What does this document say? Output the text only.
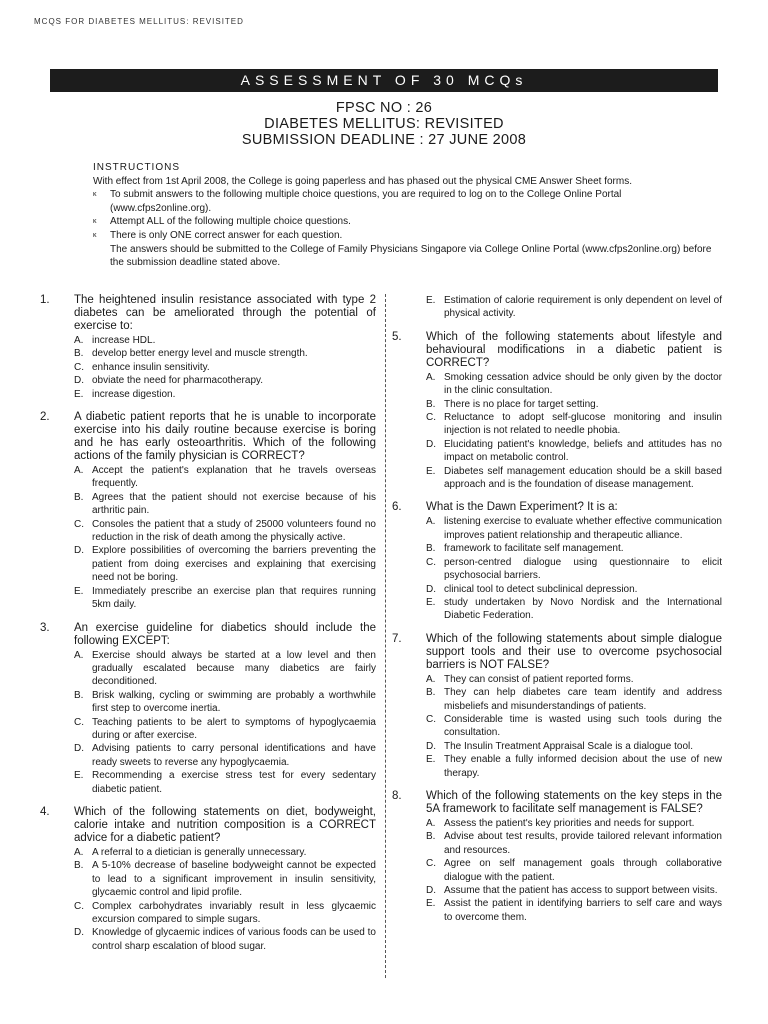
MCQS FOR DIABETES MELLITUS: REVISITED
ASSESSMENT OF 30 MCQs
FPSC NO : 26
DIABETES MELLITUS: REVISITED
SUBMISSION DEADLINE : 27 JUNE 2008
INSTRUCTIONS
With effect from 1st April 2008, the College is going paperless and has phased out the physical CME Answer Sheet forms.
κ To submit answers to the following multiple choice questions, you are required to log on to the College Online Portal (www.cfps2online.org).
κ Attempt ALL of the following multiple choice questions.
κ There is only ONE correct answer for each question.
The answers should be submitted to the College of Family Physicians Singapore via College Online Portal (www.cfps2online.org) before the submission deadline stated above.
1. The heightened insulin resistance associated with type 2 diabetes can be ameliorated through the potential of exercise to:
A. increase HDL.
B. develop better energy level and muscle strength.
C. enhance insulin sensitivity.
D. obviate the need for pharmacotherapy.
E. increase digestion.
2. A diabetic patient reports that he is unable to incorporate exercise into his daily routine because exercise is boring and he has early osteoarthritis. Which of the following actions of the family physician is CORRECT?
A. Accept the patient's explanation that he travels overseas frequently.
B. Agrees that the patient should not exercise because of his arthritic pain.
C. Consoles the patient that a study of 25000 volunteers found no reduction in the risk of death among the physically active.
D. Explore possibilities of overcoming the barriers preventing the patient from doing exercises and explaining that exercising need not be boring.
E. Immediately prescribe an exercise plan that requires running 5km daily.
3. An exercise guideline for diabetics should include the following EXCEPT:
A. Exercise should always be started at a low level and then gradually escalated because many diabetics are fairly deconditioned.
B. Brisk walking, cycling or swimming are probably a worthwhile first step to overcome inertia.
C. Teaching patients to be alert to symptoms of hypoglycaemia during or after exercise.
D. Advising patients to carry personal identifications and have ready sweets to reverse any hypoglycaemia.
E. Recommending a exercise stress test for every sedentary diabetic patient.
4. Which of the following statements on diet, bodyweight, calorie intake and nutrition composition is a CORRECT advice for a diabetic patient?
A. A referral to a dietician is generally unnecessary.
B. A 5-10% decrease of baseline bodyweight cannot be expected to lead to a significant improvement in insulin sensitivity, glycaemic control and lipid profile.
C. Complex carbohydrates invariably result in less glycaemic excursion compared to simple sugars.
D. Knowledge of glycaemic indices of various foods can be used to control sharp escalation of blood sugar.
E. Estimation of calorie requirement is only dependent on level of physical activity.
5. Which of the following statements about lifestyle and behavioural modifications in a diabetic patient is CORRECT?
A. Smoking cessation advice should be only given by the doctor in the clinic consultation.
B. There is no place for target setting.
C. Reluctance to adopt self-glucose monitoring and insulin injection is not related to needle phobia.
D. Elucidating patient's knowledge, beliefs and attitudes has no impact on metabolic control.
E. Diabetes self management education should be a skill based approach and is the foundation of disease management.
6. What is the Dawn Experiment? It is a:
A. listening exercise to evaluate whether effective communication improves patient relationship and therapeutic alliance.
B. framework to facilitate self management.
C. person-centred dialogue using questionnaire to elicit psychosocial barriers.
D. clinical tool to detect subclinical depression.
E. study undertaken by Novo Nordisk and the International Diabetic Federation.
7. Which of the following statements about simple dialogue support tools and their use to overcome psychosocial barriers is NOT FALSE?
A. They can consist of patient reported forms.
B. They can help diabetes care team identify and address misbeliefs and misunderstandings of patients.
C. Considerable time is wasted using such tools during the consultation.
D. The Insulin Treatment Appraisal Scale is a dialogue tool.
E. They enable a fully informed decision about the use of new therapy.
8. Which of the following statements on the key steps in the 5A framework to facilitate self management is FALSE?
A. Assess the patient's key priorities and needs for support.
B. Advise about test results, provide tailored relevant information and resources.
C. Agree on self management goals through collaborative dialogue with the patient.
D. Assume that the patient has access to support between visits.
E. Assist the patient in identifying barriers to self care and ways to overcome them.
